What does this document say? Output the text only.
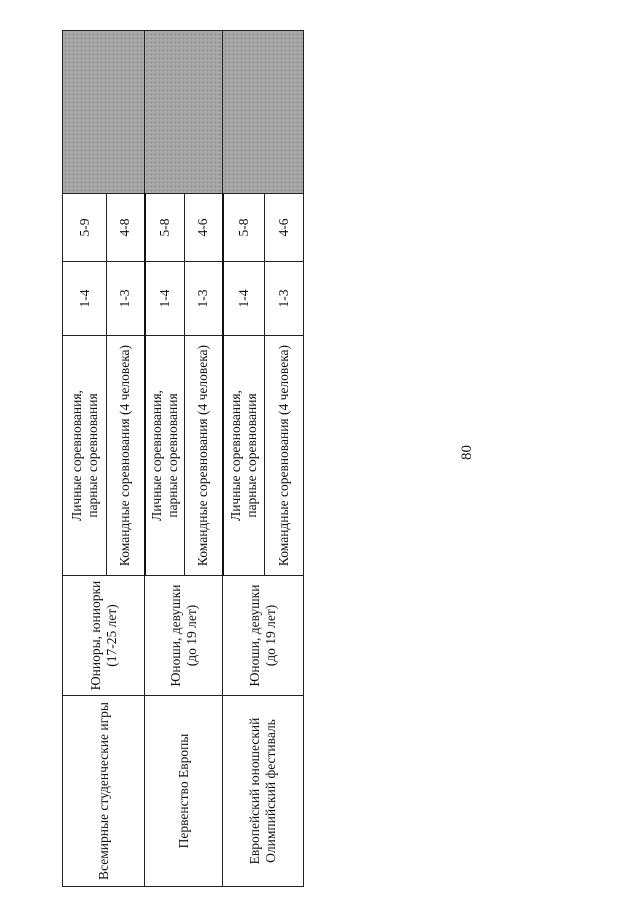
80
Всемирные студенческие игры	Юниоры, юниорки (17-25 лет)	Личные соревнования, парные соревнования	1-4	5-9	
		Командные соревнования (4 человека)	1-3	4-8	
Первенство Европы	Юноши, девушки (до 19 лет)	Личные соревнования, парные соревнования	1-4	5-8	
		Командные соревнования (4 человека)	1-3	4-6	

Европейский юношеский Олимпийский фестиваль	Юноши, девушки (до 19 лет)	Личные соревнования, парные соревнования	1-4	5-8	
		Командные соревнования (4 человека)	1-3	4-6	
